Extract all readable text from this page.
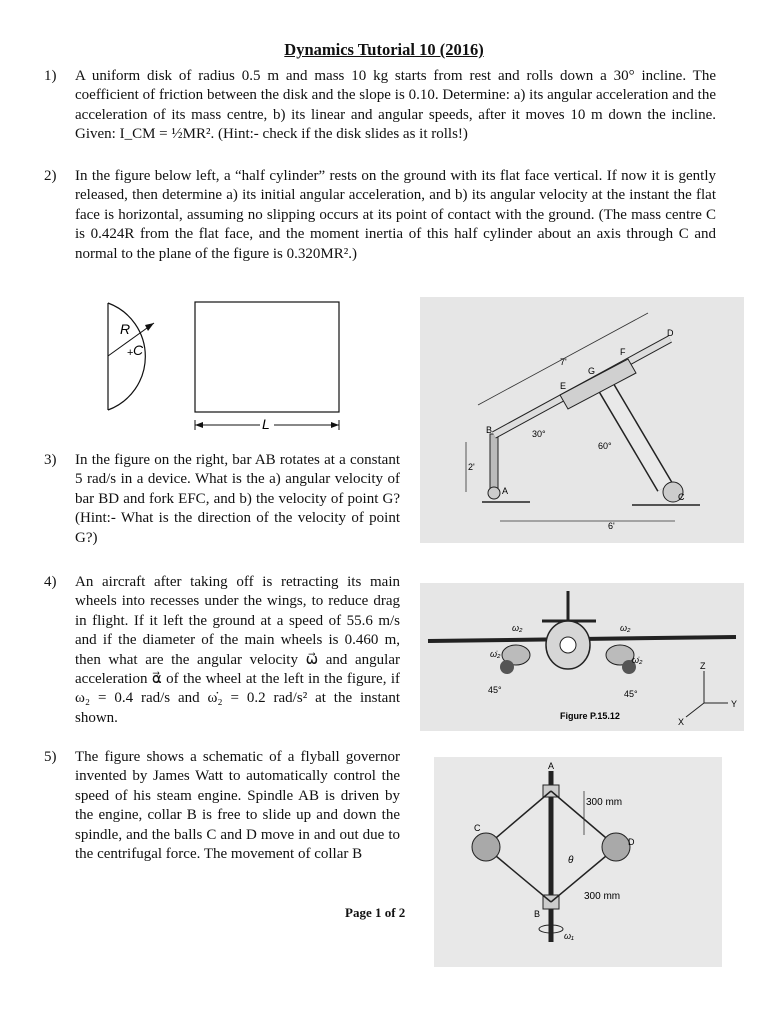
Dynamics Tutorial 10 (2016)
1) A uniform disk of radius 0.5 m and mass 10 kg starts from rest and rolls down a 30° incline. The coefficient of friction between the disk and the slope is 0.10. Determine: a) its angular acceleration and the acceleration of its mass centre, b) its linear and angular speeds, after it moves 10 m down the incline. Given: I_CM = ½MR². (Hint:- check if the disk slides as it rolls!)
2) In the figure below left, a “half cylinder” rests on the ground with its flat face vertical. If now it is gently released, then determine a) its initial angular acceleration, and b) its angular velocity at the instant the flat face is horizontal, assuming no slipping occurs at its point of contact with the ground. (The mass centre C is 0.424R from the flat face, and the moment inertia of this half cylinder about an axis through C and normal to the plane of the figure is 0.320MR².)
R
+ C
L	B
A
C
D
E
F
G
7'
2'
6'
30°
60°
3) In the figure on the right, bar AB rotates at a constant 5 rad/s in a device. What is the a) angular velocity of bar BD and fork EFC, and b) the velocity of point G? (Hint:- What is the direction of the velocity of point G?)
ω₂	ω₂
ω̇₂
ω̇₂
45°	45°
Figure P.15.12
Z
Y
X
4) An aircraft after taking off is retracting its main wheels into recesses under the wings, to reduce drag in flight. If it left the ground at a speed of 55.6 m/s and if the diameter of the main wheels is 0.460 m, then what are the angular velocity ω⃗ and angular acceleration α⃗ of the wheel at the left in the figure, if ω₂ = 0.4 rad/s and ω̇₂ = 0.2 rad/s² at the instant shown.
5) The figure shows a schematic of a flyball governor invented by James Watt to automatically control the speed of his steam engine. Spindle AB is driven by the engine, collar B is free to slide up and down the spindle, and the balls C and D move in and out due to the centrifugal force. The movement of collar B
A
B
C
D
300 mm
300 mm
θ
ω₁
Page 1 of 2
